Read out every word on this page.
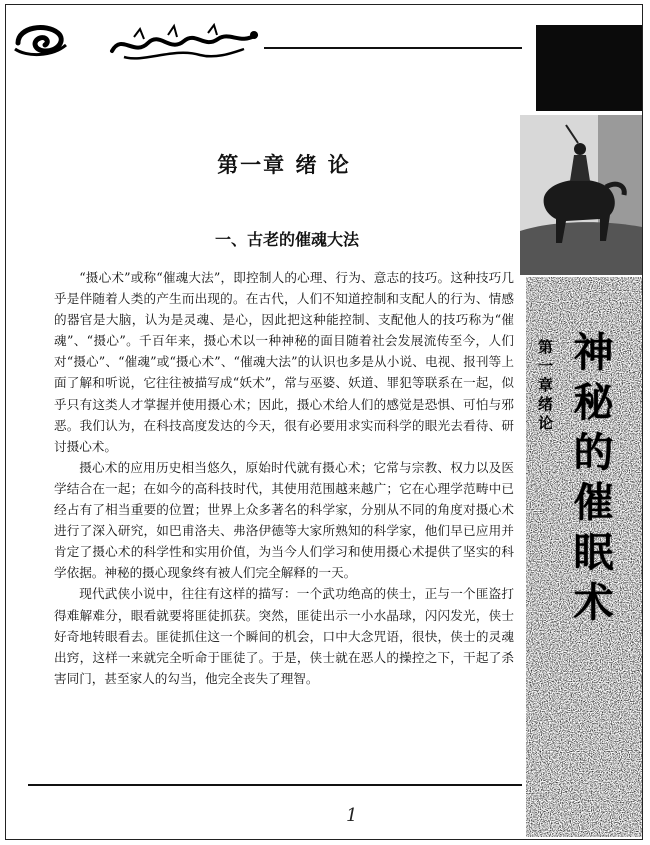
第一章绪论 神秘的催眠术
第一章 绪 论
一、古老的催魂大法

“摄心术”或称“催魂大法”，即控制人的心理、行为、意志的技巧。这种技巧几乎是伴随着人类的产生而出现的。在古代，人们不知道控制和支配人的行为、情感的器官是大脑，认为是灵魂、是心，因此把这种能控制、支配他人的技巧称为“催魂”、“摄心”。千百年来，摄心术以一种神秘的面目随着社会发展流传至今，人们对“摄心”、“催魂”或“摄心术”、“催魂大法”的认识也多是从小说、电视、报刊等上面了解和听说，它往往被描写成“妖术”，常与巫婆、妖道、罪犯等联系在一起，似乎只有这类人才掌握并使用摄心术；因此，摄心术给人们的感觉是恐惧、可怕与邪恶。我们认为，在科技高度发达的今天，很有必要用求实而科学的眼光去看待、研讨摄心术。

摄心术的应用历史相当悠久，原始时代就有摄心术；它常与宗教、权力以及医学结合在一起；在如今的高科技时代，其使用范围越来越广；它在心理学范畴中已经占有了相当重要的位置；世界上众多著名的科学家，分别从不同的角度对摄心术进行了深入研究，如巴甫洛夫、弗洛伊德等大家所熟知的科学家，他们早已应用并肯定了摄心术的科学性和实用价值，为当今人们学习和使用摄心术提供了坚实的科学依据。神秘的摄心现象终有被人们完全解释的一天。

现代武侠小说中，往往有这样的描写：一个武功绝高的侠士，正与一个匪盗打得难解难分，眼看就要将匪徒抓获。突然，匪徒出示一小水晶球，闪闪发光，侠士好奇地转眼看去。匪徒抓住这一个瞬间的机会，口中大念咒语，很快，侠士的灵魂出窍，这样一来就完全听命于匪徒了。于是，侠士就在恶人的操控之下，干起了杀害同门，甚至家人的勾当，他完全丧失了理智。

1
